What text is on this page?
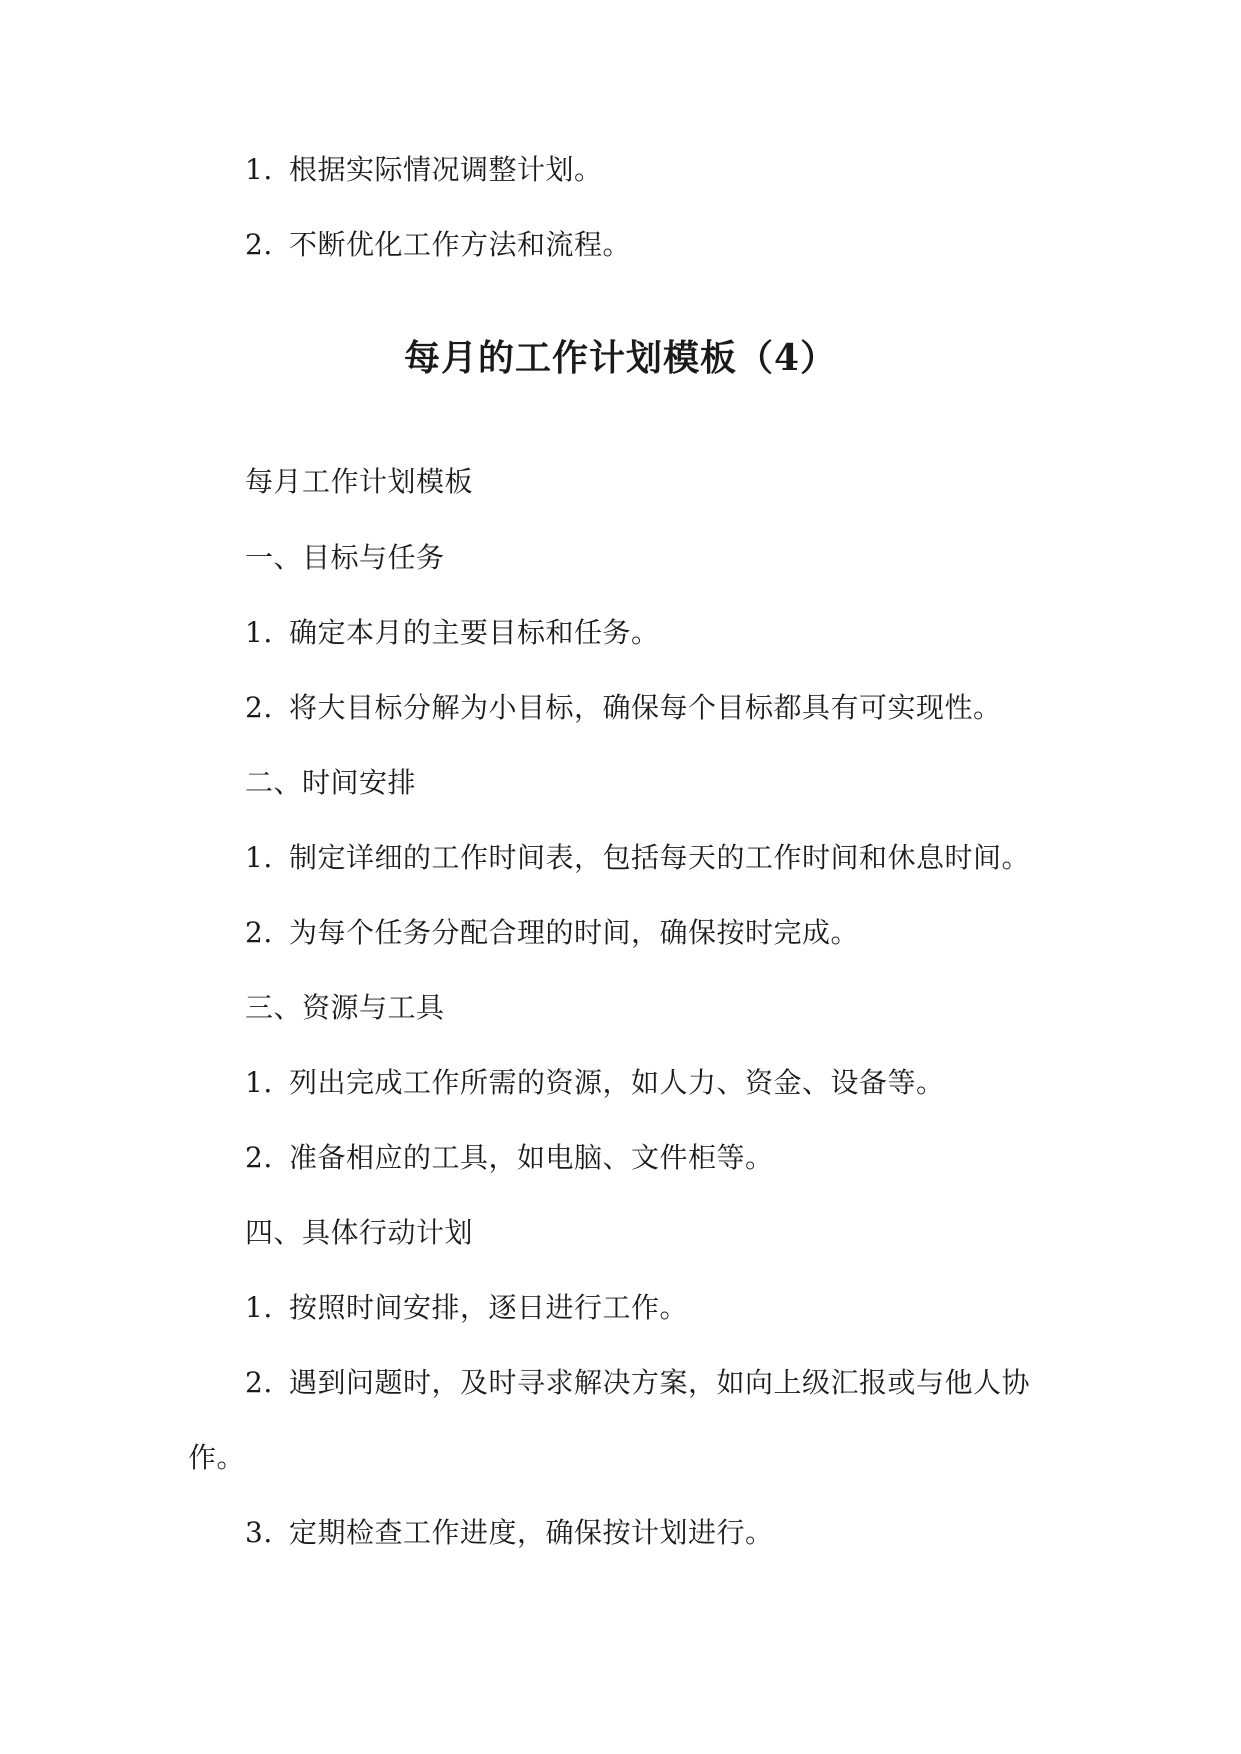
1. 根据实际情况调整计划。
2. 不断优化工作方法和流程。
每月的工作计划模板（4）
每月工作计划模板
一、目标与任务
1. 确定本月的主要目标和任务。
2. 将大目标分解为小目标，确保每个目标都具有可实现性。
二、时间安排
1. 制定详细的工作时间表，包括每天的工作时间和休息时间。
2. 为每个任务分配合理的时间，确保按时完成。
三、资源与工具
1. 列出完成工作所需的资源，如人力、资金、设备等。
2. 准备相应的工具，如电脑、文件柜等。
四、具体行动计划
1. 按照时间安排，逐日进行工作。
2. 遇到问题时，及时寻求解决方案，如向上级汇报或与他人协
作。
3. 定期检查工作进度，确保按计划进行。
